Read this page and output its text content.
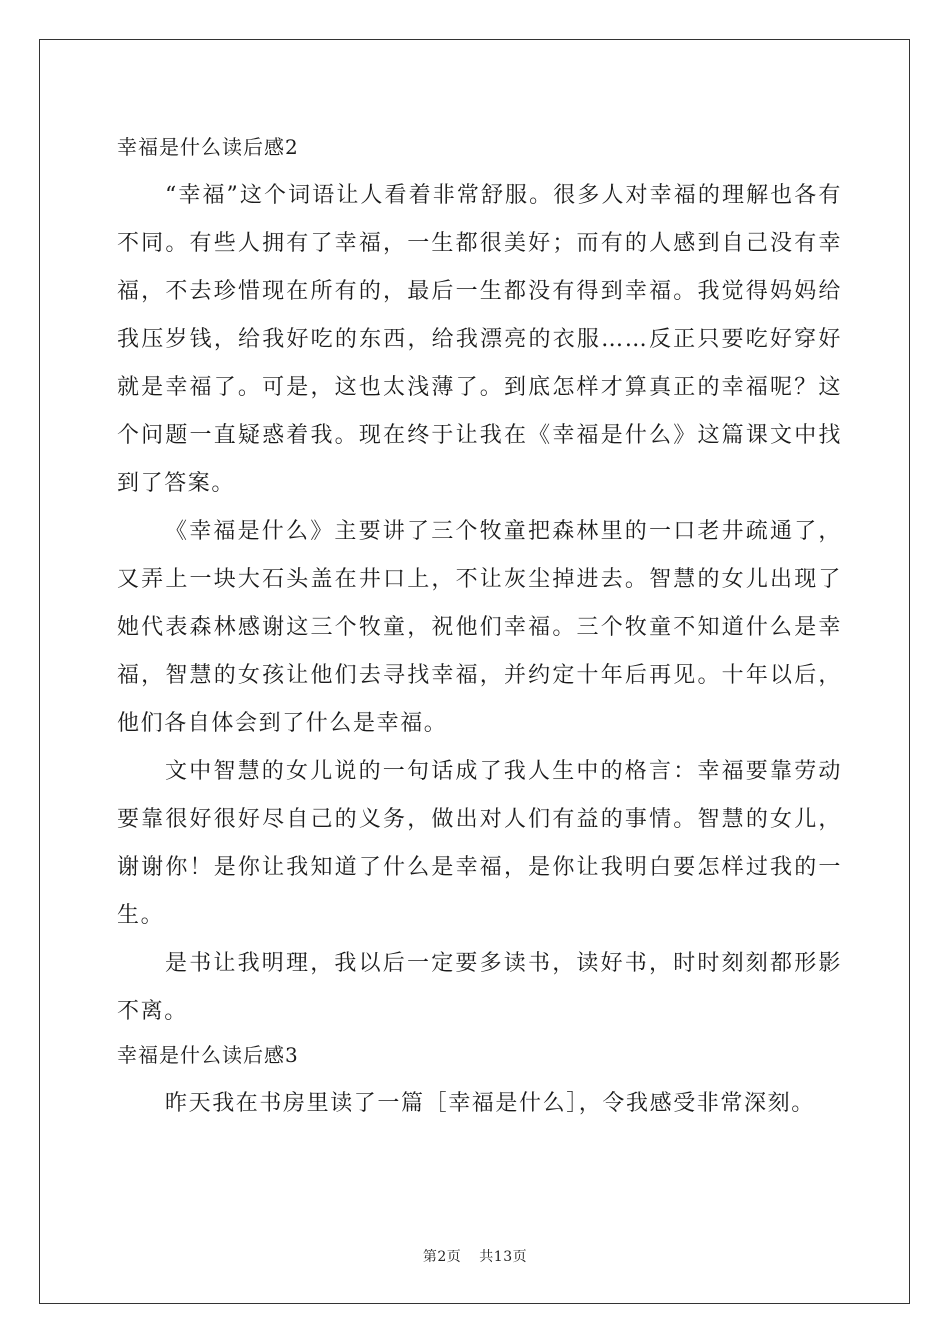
幸福是什么读后感2

“幸福”这个词语让人看着非常舒服。很多人对幸福的理解也各有不同。有些人拥有了幸福，一生都很美好；而有的人感到自己没有幸福，不去珍惜现在所有的，最后一生都没有得到幸福。我觉得妈妈给我压岁钱，给我好吃的东西，给我漂亮的衣服……反正只要吃好穿好就是幸福了。可是，这也太浅薄了。到底怎样才算真正的幸福呢？这个问题一直疑惑着我。现在终于让我在《幸福是什么》这篇课文中找到了答案。

《幸福是什么》主要讲了三个牧童把森林里的一口老井疏通了，又弄上一块大石头盖在井口上，不让灰尘掉进去。智慧的女儿出现了她代表森林感谢这三个牧童，祝他们幸福。三个牧童不知道什么是幸福，智慧的女孩让他们去寻找幸福，并约定十年后再见。十年以后，他们各自体会到了什么是幸福。

文中智慧的女儿说的一句话成了我人生中的格言：幸福要靠劳动要靠很好很好尽自己的义务，做出对人们有益的事情。智慧的女儿，谢谢你！是你让我知道了什么是幸福，是你让我明白要怎样过我的一生。

是书让我明理，我以后一定要多读书，读好书，时时刻刻都形影不离。

幸福是什么读后感3

昨天我在书房里读了一篇［幸福是什么］，令我感受非常深刻。

第2页 共13页
